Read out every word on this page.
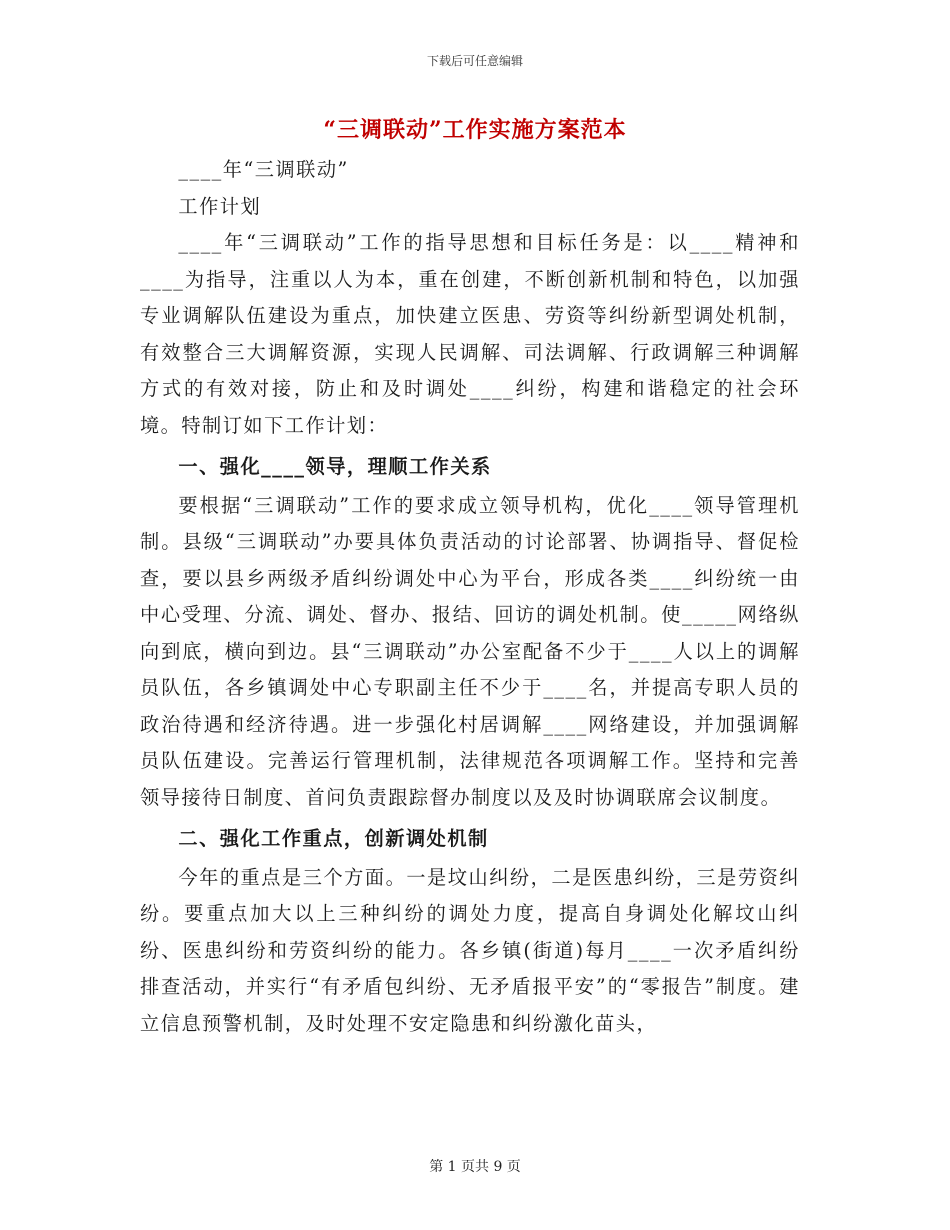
下载后可任意编辑
“三调联动”工作实施方案范本

____年“三调联动”

工作计划

____年“三调联动”工作的指导思想和目标任务是：以____精神和____为指导，注重以人为本，重在创建，不断创新机制和特色，以加强专业调解队伍建设为重点，加快建立医患、劳资等纠纷新型调处机制，有效整合三大调解资源，实现人民调解、司法调解、行政调解三种调解方式的有效对接，防止和及时调处____纠纷，构建和谐稳定的社会环境。特制订如下工作计划：

一、强化____领导，理顺工作关系

要根据“三调联动”工作的要求成立领导机构，优化____领导管理机制。县级“三调联动”办要具体负责活动的讨论部署、协调指导、督促检查，要以县乡两级矛盾纠纷调处中心为平台，形成各类____纠纷统一由中心受理、分流、调处、督办、报结、回访的调处机制。使_____网络纵向到底，横向到边。县“三调联动”办公室配备不少于____人以上的调解员队伍，各乡镇调处中心专职副主任不少于____名，并提高专职人员的政治待遇和经济待遇。进一步强化村居调解____网络建设，并加强调解员队伍建设。完善运行管理机制，法律规范各项调解工作。坚持和完善领导接待日制度、首问负责跟踪督办制度以及及时协调联席会议制度。

二、强化工作重点，创新调处机制

今年的重点是三个方面。一是坟山纠纷，二是医患纠纷，三是劳资纠纷。要重点加大以上三种纠纷的调处力度，提高自身调处化解坟山纠纷、医患纠纷和劳资纠纷的能力。各乡镇(街道)每月____一次矛盾纠纷排查活动，并实行“有矛盾包纠纷、无矛盾报平安”的“零报告”制度。建立信息预警机制，及时处理不安定隐患和纠纷激化苗头，

第 1 页共 9 页
